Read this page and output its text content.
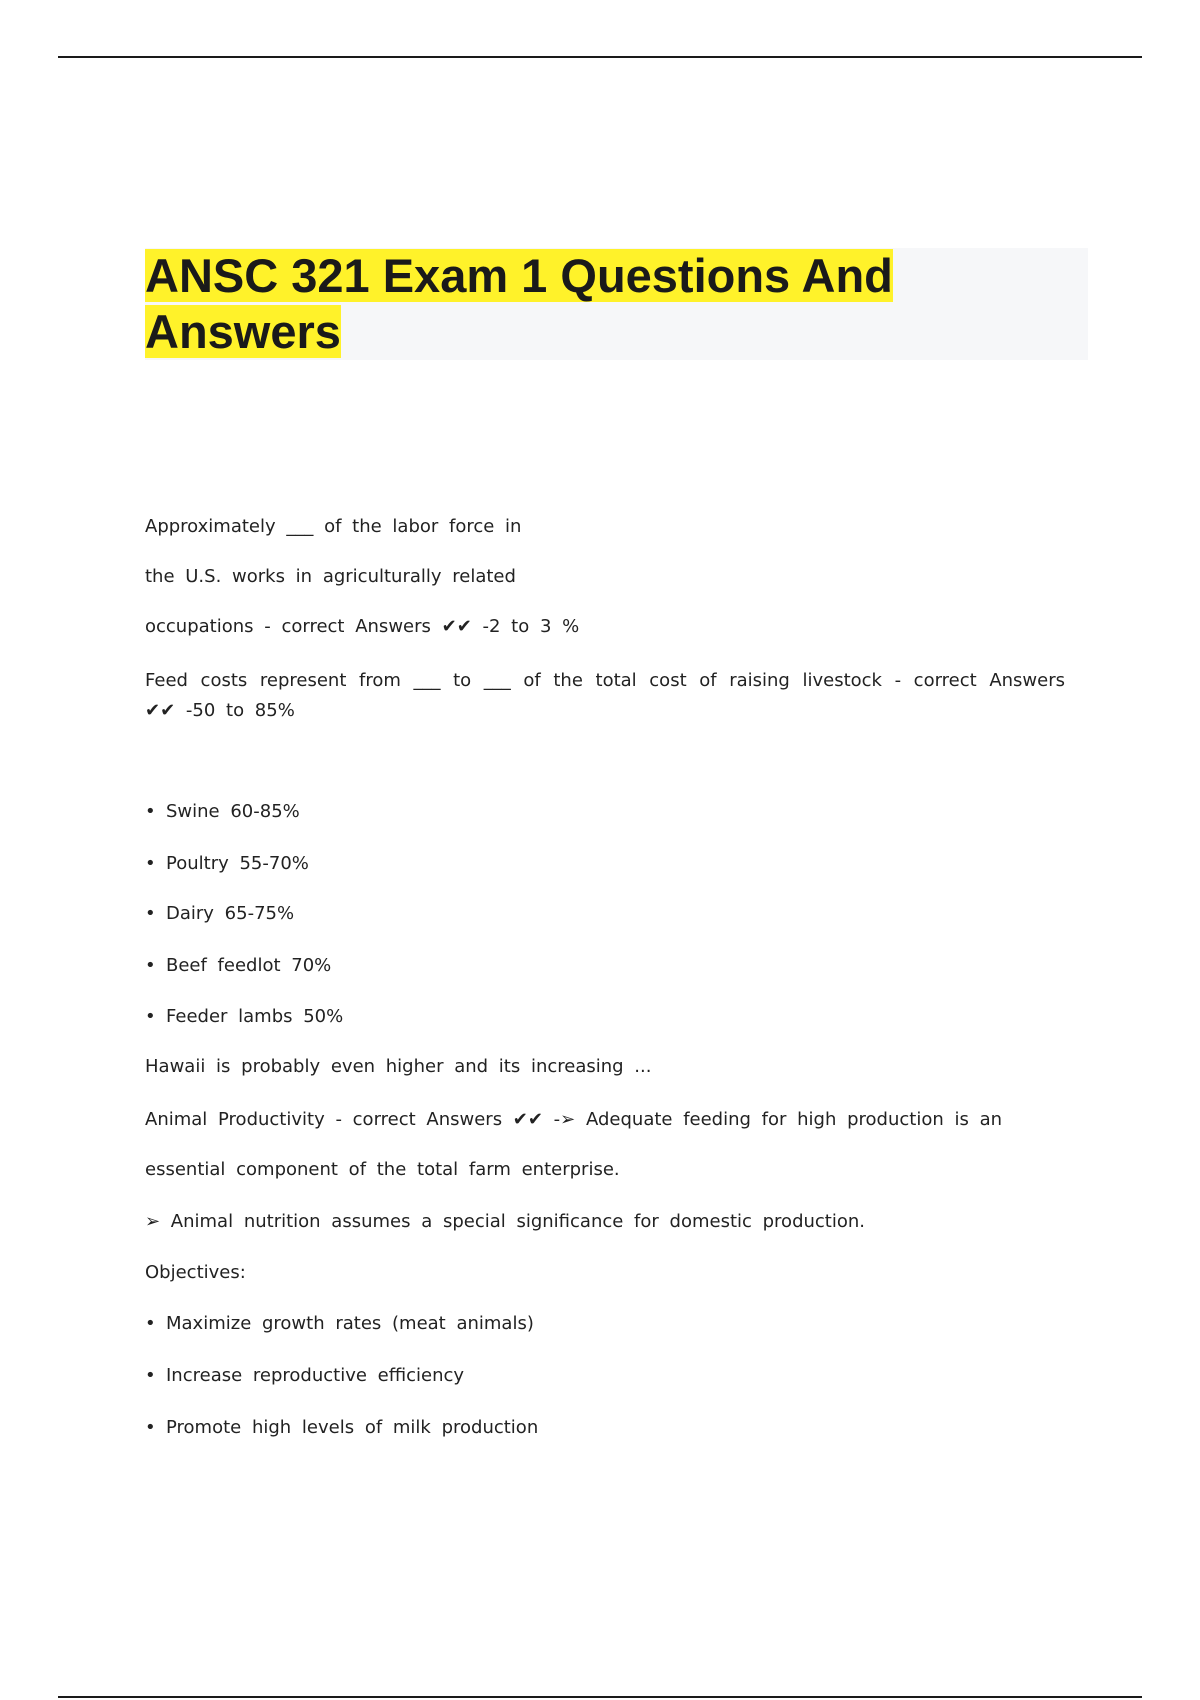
ANSC 321 Exam 1 Questions And
Answers

Approximately ___ of the labor force in

the U.S. works in agriculturally related

occupations - correct Answers ✔✔ -2 to 3 %

Feed costs represent from ___ to ___ of the total cost of raising livestock - correct Answers ✔✔ -50 to 85%

• Swine 60-85%

• Poultry 55-70%

• Dairy 65-75%

• Beef feedlot 70%

• Feeder lambs 50%

Hawaii is probably even higher and its increasing ...

Animal Productivity - correct Answers ✔✔ -➢ Adequate feeding for high production is an

essential component of the total farm enterprise.

➢ Animal nutrition assumes a special significance for domestic production.

Objectives:

• Maximize growth rates (meat animals)

• Increase reproductive efficiency

• Promote high levels of milk production
